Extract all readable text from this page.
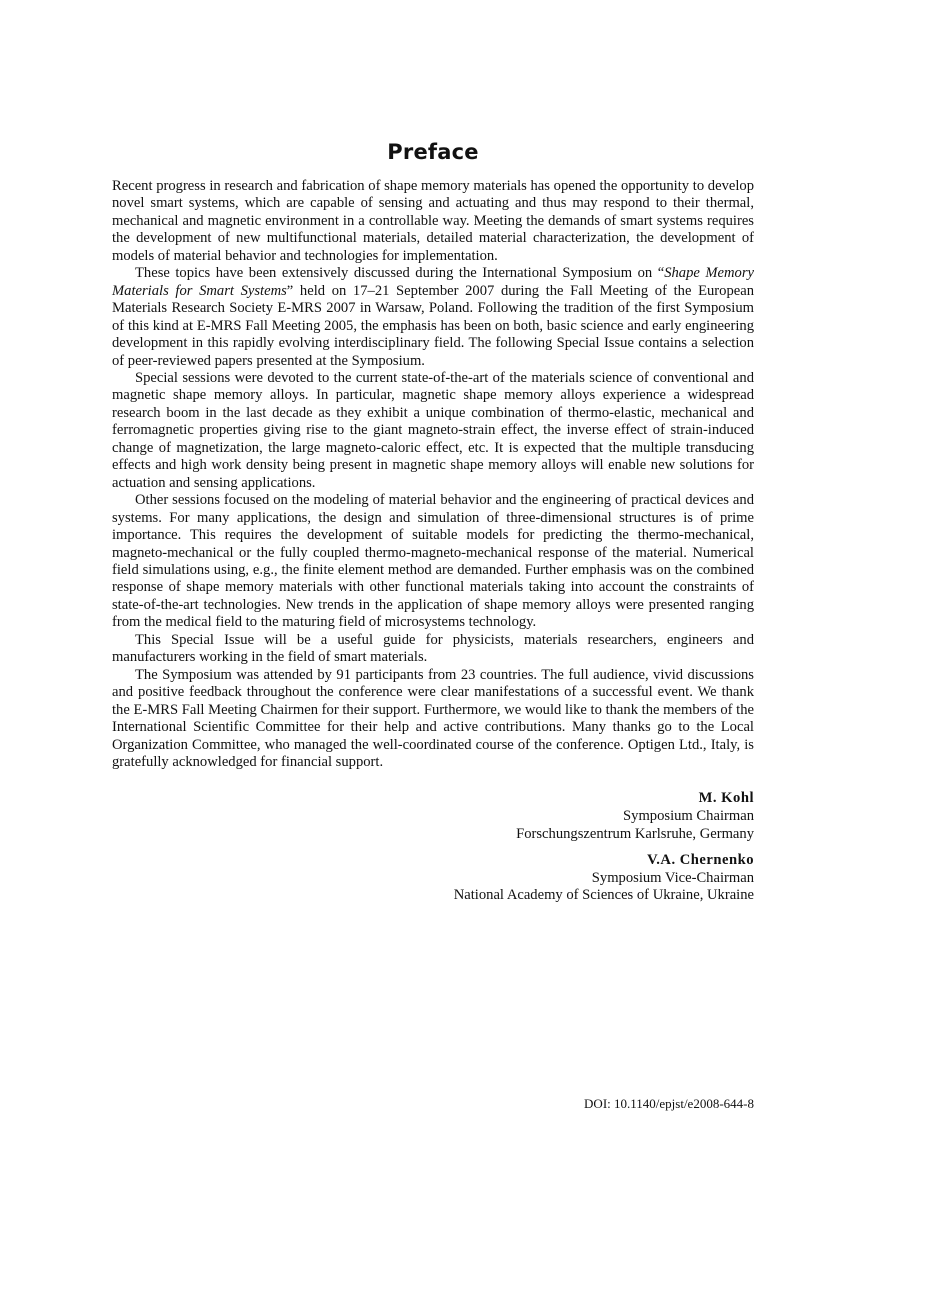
Preface

Recent progress in research and fabrication of shape memory materials has opened the opportunity to develop novel smart systems, which are capable of sensing and actuating and thus may respond to their thermal, mechanical and magnetic environment in a controllable way. Meeting the demands of smart systems requires the development of new multifunctional materials, detailed material characterization, the development of models of material behavior and technologies for implementation.

These topics have been extensively discussed during the International Symposium on “Shape Memory Materials for Smart Systems” held on 17–21 September 2007 during the Fall Meeting of the European Materials Research Society E-MRS 2007 in Warsaw, Poland. Following the tradition of the first Symposium of this kind at E-MRS Fall Meeting 2005, the emphasis has been on both, basic science and early engineering development in this rapidly evolving interdisciplinary field. The following Special Issue contains a selection of peer-reviewed papers presented at the Symposium.

Special sessions were devoted to the current state-of-the-art of the materials science of conventional and magnetic shape memory alloys. In particular, magnetic shape memory alloys experience a widespread research boom in the last decade as they exhibit a unique combination of thermo-elastic, mechanical and ferromagnetic properties giving rise to the giant magneto-strain effect, the inverse effect of strain-induced change of magnetization, the large magneto-caloric effect, etc. It is expected that the multiple transducing effects and high work density being present in magnetic shape memory alloys will enable new solutions for actuation and sensing applications.

Other sessions focused on the modeling of material behavior and the engineering of practical devices and systems. For many applications, the design and simulation of three-dimensional structures is of prime importance. This requires the development of suitable models for predicting the thermo-mechanical, magneto-mechanical or the fully coupled thermo-magneto-mechanical response of the material. Numerical field simulations using, e.g., the finite element method are demanded. Further emphasis was on the combined response of shape memory materials with other functional materials taking into account the constraints of state-of-the-art technologies. New trends in the application of shape memory alloys were presented ranging from the medical field to the maturing field of microsystems technology.

This Special Issue will be a useful guide for physicists, materials researchers, engineers and manufacturers working in the field of smart materials.

The Symposium was attended by 91 participants from 23 countries. The full audience, vivid discussions and positive feedback throughout the conference were clear manifestations of a successful event. We thank the E-MRS Fall Meeting Chairmen for their support. Furthermore, we would like to thank the members of the International Scientific Committee for their help and active contributions. Many thanks go to the Local Organization Committee, who managed the well-coordinated course of the conference. Optigen Ltd., Italy, is gratefully acknowledged for financial support.

M. Kohl
Symposium Chairman
Forschungszentrum Karlsruhe, Germany
V.A. Chernenko
Symposium Vice-Chairman
National Academy of Sciences of Ukraine, Ukraine
DOI: 10.1140/epjst/e2008-644-8
